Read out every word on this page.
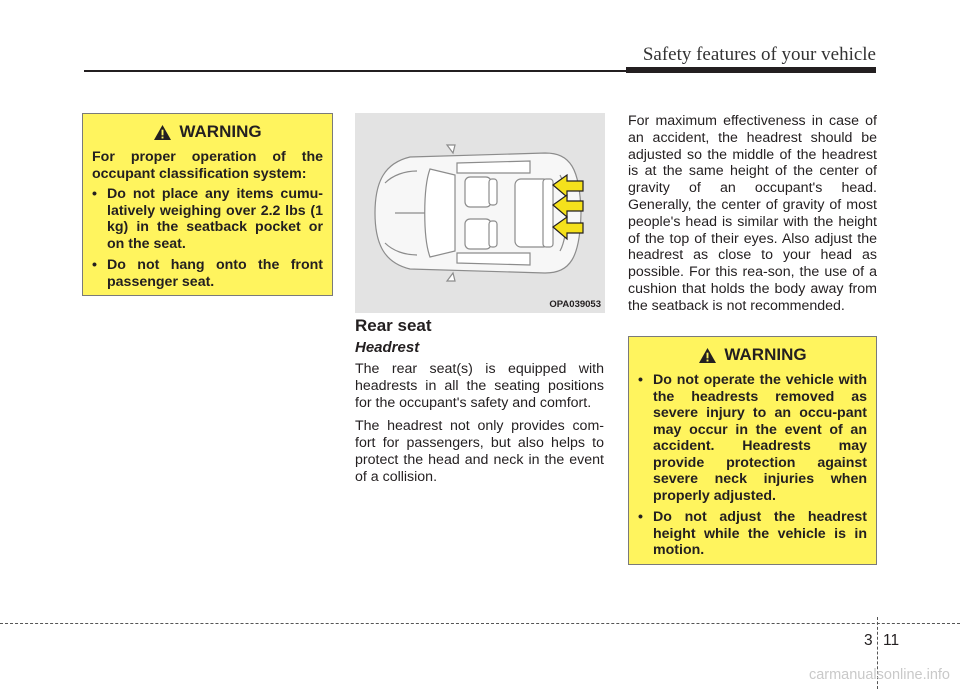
Safety features of your vehicle
WARNING

For proper operation of the occupant classification system:

• Do not place any items cumu-latively weighing over 2.2 lbs (1 kg) in the seatback pocket or on the seat.
• Do not hang onto the front passenger seat.
OPA039053
Rear seat
Headrest

The rear seat(s) is equipped with headrests in all the seating positions for the occupant's safety and comfort.

The headrest not only provides com-fort for passengers, but also helps to protect the head and neck in the event of a collision.

For maximum effectiveness in case of an accident, the headrest should be adjusted so the middle of the headrest is at the same height of the center of gravity of an occupant's head. Generally, the center of gravity of most people's head is similar with the height of the top of their eyes. Also adjust the headrest as close to your head as possible. For this rea-son, the use of a cushion that holds the body away from the seatback is not recommended.

WARNING
• Do not operate the vehicle with the headrests removed as severe injury to an occu-pant may occur in the event of an accident. Headrests may provide protection against severe neck injuries when properly adjusted.
• Do not adjust the headrest height while the vehicle is in motion.
3 11
carmanualsonline.info
